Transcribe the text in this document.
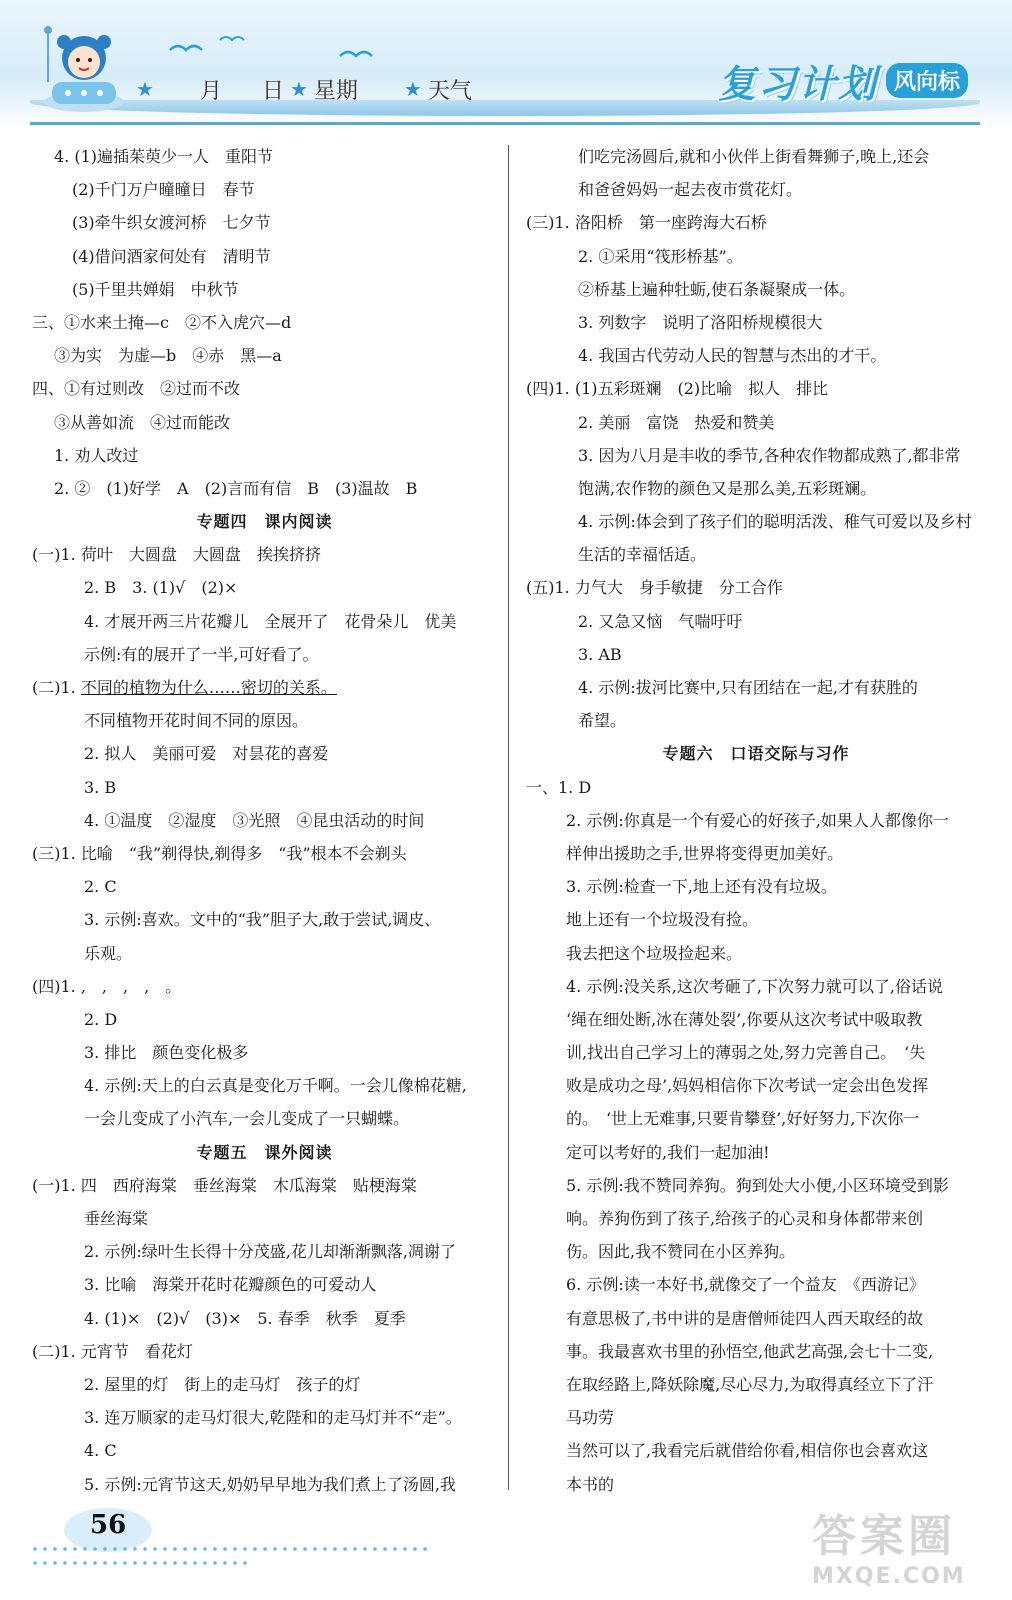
★ 月 日 ★ 星期 ★ 天气	复习计划 风向标
4. (1)遍插茱萸少一人　重阳节
(2)千门万户曈曈日　春节
(3)牵牛织女渡河桥　七夕节
(4)借问酒家何处有　清明节
(5)千里共婵娟　中秋节
三、①水来土掩—c　②不入虎穴—d
③为实　为虚—b　④赤　黑—a
四、①有过则改　②过而不改
③从善如流　④过而能改
1. 劝人改过
2. ②　(1)好学　A　(2)言而有信　B　(3)温故　B
专题四　课内阅读
(一)1. 荷叶　大圆盘　大圆盘　挨挨挤挤
2. B　3. (1)√　(2)×
4. 才展开两三片花瓣儿　全展开了　花骨朵儿　优美
示例:有的展开了一半,可好看了。
(二)1. 不同的植物为什么……密切的关系。
不同植物开花时间不同的原因。
2. 拟人　美丽可爱　对昙花的喜爱
3. B
4. ①温度　②湿度　③光照　④昆虫活动的时间
(三)1. 比喻　“我”剃得快,剃得多　“我”根本不会剃头
2. C
3. 示例:喜欢。文中的“我”胆子大,敢于尝试,调皮、
乐观。
(四)1. ,　,　,　,　。
2. D
3. 排比　颜色变化极多
4. 示例:天上的白云真是变化万千啊。一会儿像棉花糖,
一会儿变成了小汽车,一会儿变成了一只蝴蝶。
专题五　课外阅读
(一)1. 四　西府海棠　垂丝海棠　木瓜海棠　贴梗海棠
垂丝海棠
2. 示例:绿叶生长得十分茂盛,花儿却渐渐飘落,凋谢了
3. 比喻　海棠开花时花瓣颜色的可爱动人
4. (1)×　(2)√　(3)×　5. 春季　秋季　夏季
(二)1. 元宵节　看花灯
2. 屋里的灯　街上的走马灯　孩子的灯
3. 连万顺家的走马灯很大,乾陛和的走马灯并不“走”。
4. C
5. 示例:元宵节这天,奶奶早早地为我们煮上了汤圆,我
们吃完汤圆后,就和小伙伴上街看舞狮子,晚上,还会
和爸爸妈妈一起去夜市赏花灯。
(三)1. 洛阳桥　第一座跨海大石桥
2. ①采用“筏形桥基”。
②桥基上遍种牡蛎,使石条凝聚成一体。
3. 列数字　说明了洛阳桥规模很大
4. 我国古代劳动人民的智慧与杰出的才干。
(四)1. (1)五彩斑斓　(2)比喻　拟人　排比
2. 美丽　富饶　热爱和赞美
3. 因为八月是丰收的季节,各种农作物都成熟了,都非常
饱满,农作物的颜色又是那么美,五彩斑斓。
4. 示例:体会到了孩子们的聪明活泼、稚气可爱以及乡村
生活的幸福恬适。
(五)1. 力气大　身手敏捷　分工合作
2. 又急又恼　气喘吁吁
3. AB
4. 示例:拔河比赛中,只有团结在一起,才有获胜的
希望。
专题六　口语交际与习作
一、1. D
2. 示例:你真是一个有爱心的好孩子,如果人人都像你一
样伸出援助之手,世界将变得更加美好。
3. 示例:检查一下,地上还有没有垃圾。
地上还有一个垃圾没有捡。
我去把这个垃圾捡起来。
4. 示例:没关系,这次考砸了,下次努力就可以了,俗话说
‘绳在细处断,冰在薄处裂’,你要从这次考试中吸取教
训,找出自己学习上的薄弱之处,努力完善自己。　‘失
败是成功之母’,妈妈相信你下次考试一定会出色发挥
的。　‘世上无难事,只要肯攀登’,好好努力,下次你一
定可以考好的,我们一起加油!
5. 示例:我不赞同养狗。狗到处大小便,小区环境受到影
响。养狗伤到了孩子,给孩子的心灵和身体都带来创
伤。因此,我不赞同在小区养狗。
6. 示例:读一本好书,就像交了一个益友　《西游记》
有意思极了,书中讲的是唐僧师徒四人西天取经的故
事。我最喜欢书里的孙悟空,他武艺高强,会七十二变,
在取经路上,降妖除魔,尽心尽力,为取得真经立下了汗
马功劳
当然可以了,我看完后就借给你看,相信你也会喜欢这
本书的
56	答案圈
MXQE.COM
